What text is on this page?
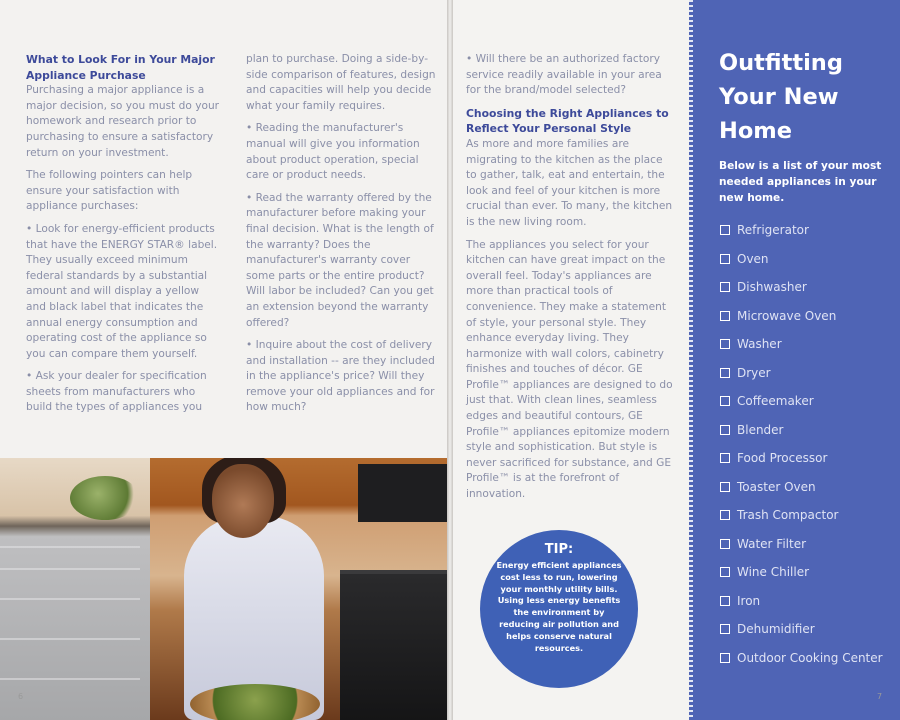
What to Look For in Your Major Appliance Purchase

Purchasing a major appliance is a major decision, so you must do your homework and research prior to purchasing to ensure a satisfactory return on your investment.

The following pointers can help ensure your satisfaction with appliance purchases:

• Look for energy-efficient products that have the ENERGY STAR® label. They usually exceed minimum federal standards by a substantial amount and will display a yellow and black label that indicates the annual energy consumption and operating cost of the appliance so you can compare them yourself.

• Ask your dealer for specification sheets from manufacturers who build the types of appliances you

plan to purchase. Doing a side-by-side comparison of features, design and capacities will help you decide what your family requires.

• Reading the manufacturer's manual will give you information about product operation, special care or product needs.

• Read the warranty offered by the manufacturer before making your final decision. What is the length of the warranty? Does the manufacturer's warranty cover some parts or the entire product? Will labor be included? Can you get an extension beyond the warranty offered?

• Inquire about the cost of delivery and installation -- are they included in the appliance's price? Will they remove your old appliances and for how much?

6

• Will there be an authorized factory service readily available in your area for the brand/model selected?

Choosing the Right Appliances to Reflect Your Personal Style

As more and more families are migrating to the kitchen as the place to gather, talk, eat and entertain, the look and feel of your kitchen is more crucial than ever. To many, the kitchen is the new living room.

The appliances you select for your kitchen can have great impact on the overall feel. Today's appliances are more than practical tools of convenience. They make a statement of style, your personal style. They enhance everyday living. They harmonize with wall colors, cabinetry finishes and touches of décor. GE Profile™ appliances are designed to do just that. With clean lines, seamless edges and beautiful contours, GE Profile™ appliances epitomize modern style and sophistication. But style is never sacrificed for substance, and GE Profile™ is at the forefront of innovation.

TIP:
Energy efficient appliances cost less to run, lowering your monthly utility bills. Using less energy benefits the environment by reducing air pollution and helps conserve natural resources.
Outfitting Your New Home
Below is a list of your most needed appliances in your new home.
Refrigerator
Oven
Dishwasher
Microwave Oven
Washer
Dryer
Coffeemaker
Blender
Food Processor
Toaster Oven
Trash Compactor
Water Filter
Wine Chiller
Iron
Dehumidifier
Outdoor Cooking Center
7
